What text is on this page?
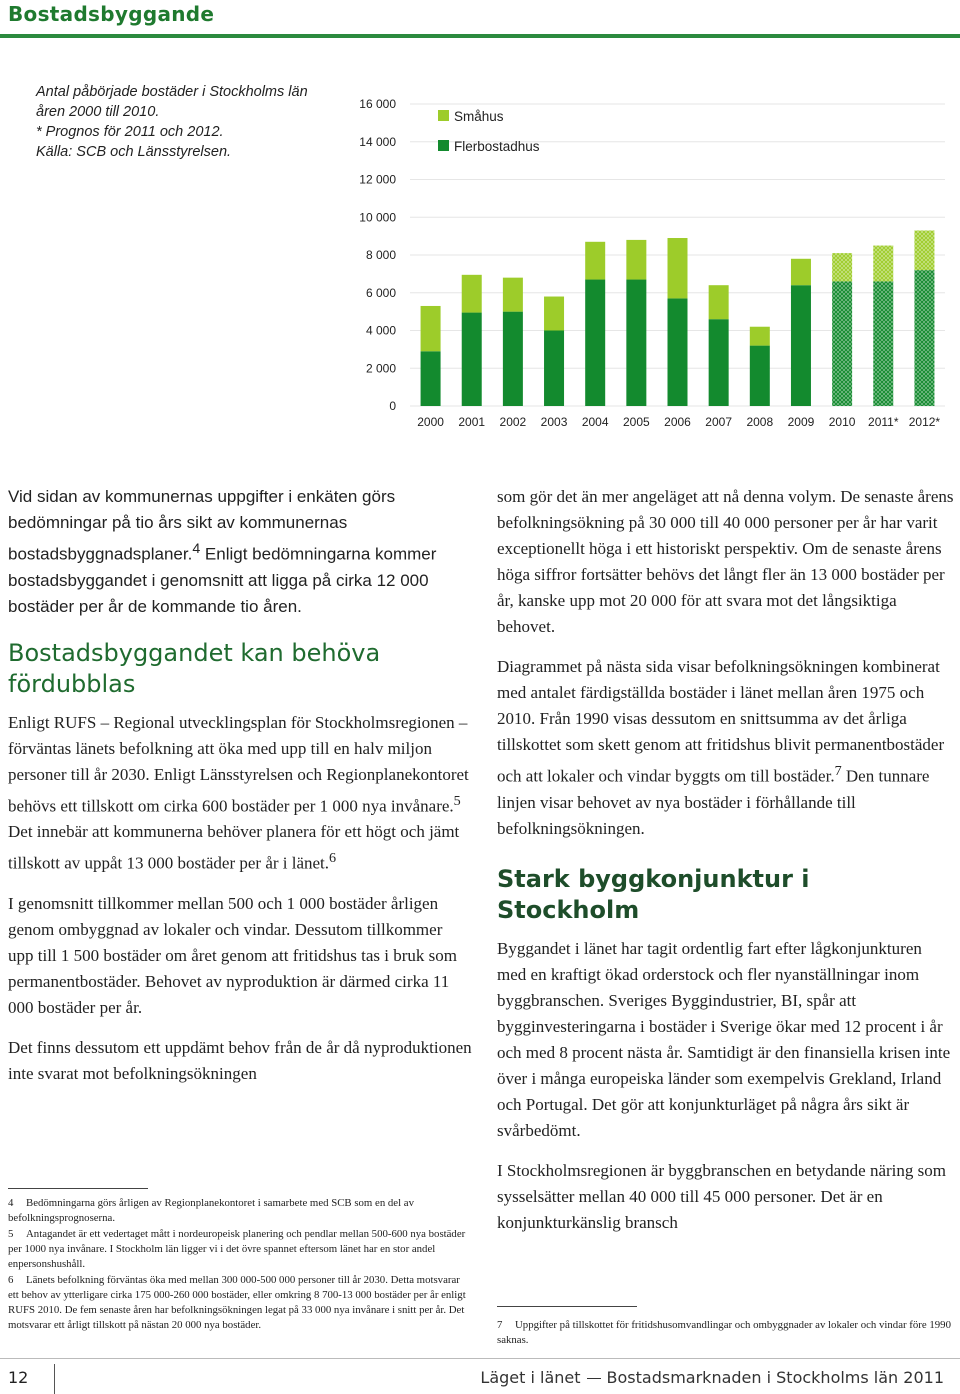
Bostadsbyggande
Antal påbörjade bostäder i Stockholms län
åren 2000 till 2010.
* Prognos för 2011 och 2012.
Källa: SCB och Länsstyrelsen.
0
2 000
4 000
6 000
8 000
10 000
12 000
14 000
16 000
2000 2001 2002 2003 2004 2005 2006 2007 2008 2009 2010 2011* 2012*
Småhus
Flerbostadhus

Vid sidan av kommunernas uppgifter i enkäten görs bedömningar på tio års sikt av kommunernas bostadsbyggnadsplaner.$^4$ Enligt bedömningarna kommer bostadsbyggandet i genomsnitt att ligga på cirka 12 000 bostäder per år de kommande tio åren.

Bostadsbyggandet kan behöva fördubblas

Enligt RUFS – Regional utvecklingsplan för Stockholmsregionen – förväntas länets befolkning att öka med upp till en halv miljon personer till år 2030. Enligt Länsstyrelsen och Regionplanekontoret behövs ett tillskott om cirka 600 bostäder per 1 000 nya invånare.$^5$ Det innebär att kommunerna behöver planera för ett högt och jämt tillskott av uppåt 13 000 bostäder per år i länet.$^6$

I genomsnitt tillkommer mellan 500 och 1 000 bostäder årligen genom ombyggnad av lokaler och vindar. Dessutom tillkommer upp till 1 500 bostäder om året genom att fritidshus tas i bruk som permanentbostäder. Behovet av nyproduktion är därmed cirka 11 000 bostäder per år.

Det finns dessutom ett uppdämt behov från de år då nyproduktionen inte svarat mot befolkningsökningen

som gör det än mer angeläget att nå denna volym. De senaste årens befolkningsökning på 30 000 till 40 000 personer per år har varit exceptionellt höga i ett historiskt perspektiv. Om de senaste årens höga siffror fortsätter behövs det långt fler än 13 000 bostäder per år, kanske upp mot 20 000 för att svara mot det långsiktiga behovet.

Diagrammet på nästa sida visar befolkningsökningen kombinerat med antalet färdigställda bostäder i länet mellan åren 1975 och 2010. Från 1990 visas dessutom en snittsumma av det årliga tillskottet som skett genom att fritidshus blivit permanentbostäder och att lokaler och vindar byggts om till bostäder.$^7$ Den tunnare linjen visar behovet av nya bostäder i förhållande till befolkningsökningen.

Stark byggkonjunktur i Stockholm

Byggandet i länet har tagit ordentlig fart efter lågkonjunkturen med en kraftigt ökad orderstock och fler nyanställningar inom byggbranschen. Sveriges Byggindustrier, BI, spår att bygginvesteringarna i bostäder i Sverige ökar med 12 procent i år och med 8 procent nästa år. Samtidigt är den finansiella krisen inte över i många europeiska länder som exempelvis Grekland, Irland och Portugal. Det gör att konjunkturläget på några års sikt är svårbedömt.

I Stockholmsregionen är byggbranschen en betydande näring som sysselsätter mellan 40 000 till 45 000 personer. Det är en konjunkturkänslig bransch

4 Bedömningarna görs årligen av Regionplanekontoret i samarbete med SCB som en del av befolkningsprognoserna.
5 Antagandet är ett vedertaget mått i nordeuropeisk planering och pendlar mellan 500-600 nya bostäder per 1000 nya invånare. I Stockholm län ligger vi i det övre spannet eftersom länet har en stor andel enpersonshushåll.
6 Länets befolkning förväntas öka med mellan 300 000-500 000 personer till år 2030. Detta motsvarar ett behov av ytterligare cirka 175 000-260 000 bostäder, eller omkring 8 700-13 000 bostäder per år enligt RUFS 2010. De fem senaste åren har befolkningsökningen legat på 33 000 nya invånare i snitt per år. Det motsvarar ett årligt tillskott på nästan 20 000 nya bostäder.	7 Uppgifter på tillskottet för fritidshusomvandlingar och ombyggnader av lokaler och vindar före 1990 saknas.
12	Läget i länet Bostadsmarknaden i Stockholms län 2011
